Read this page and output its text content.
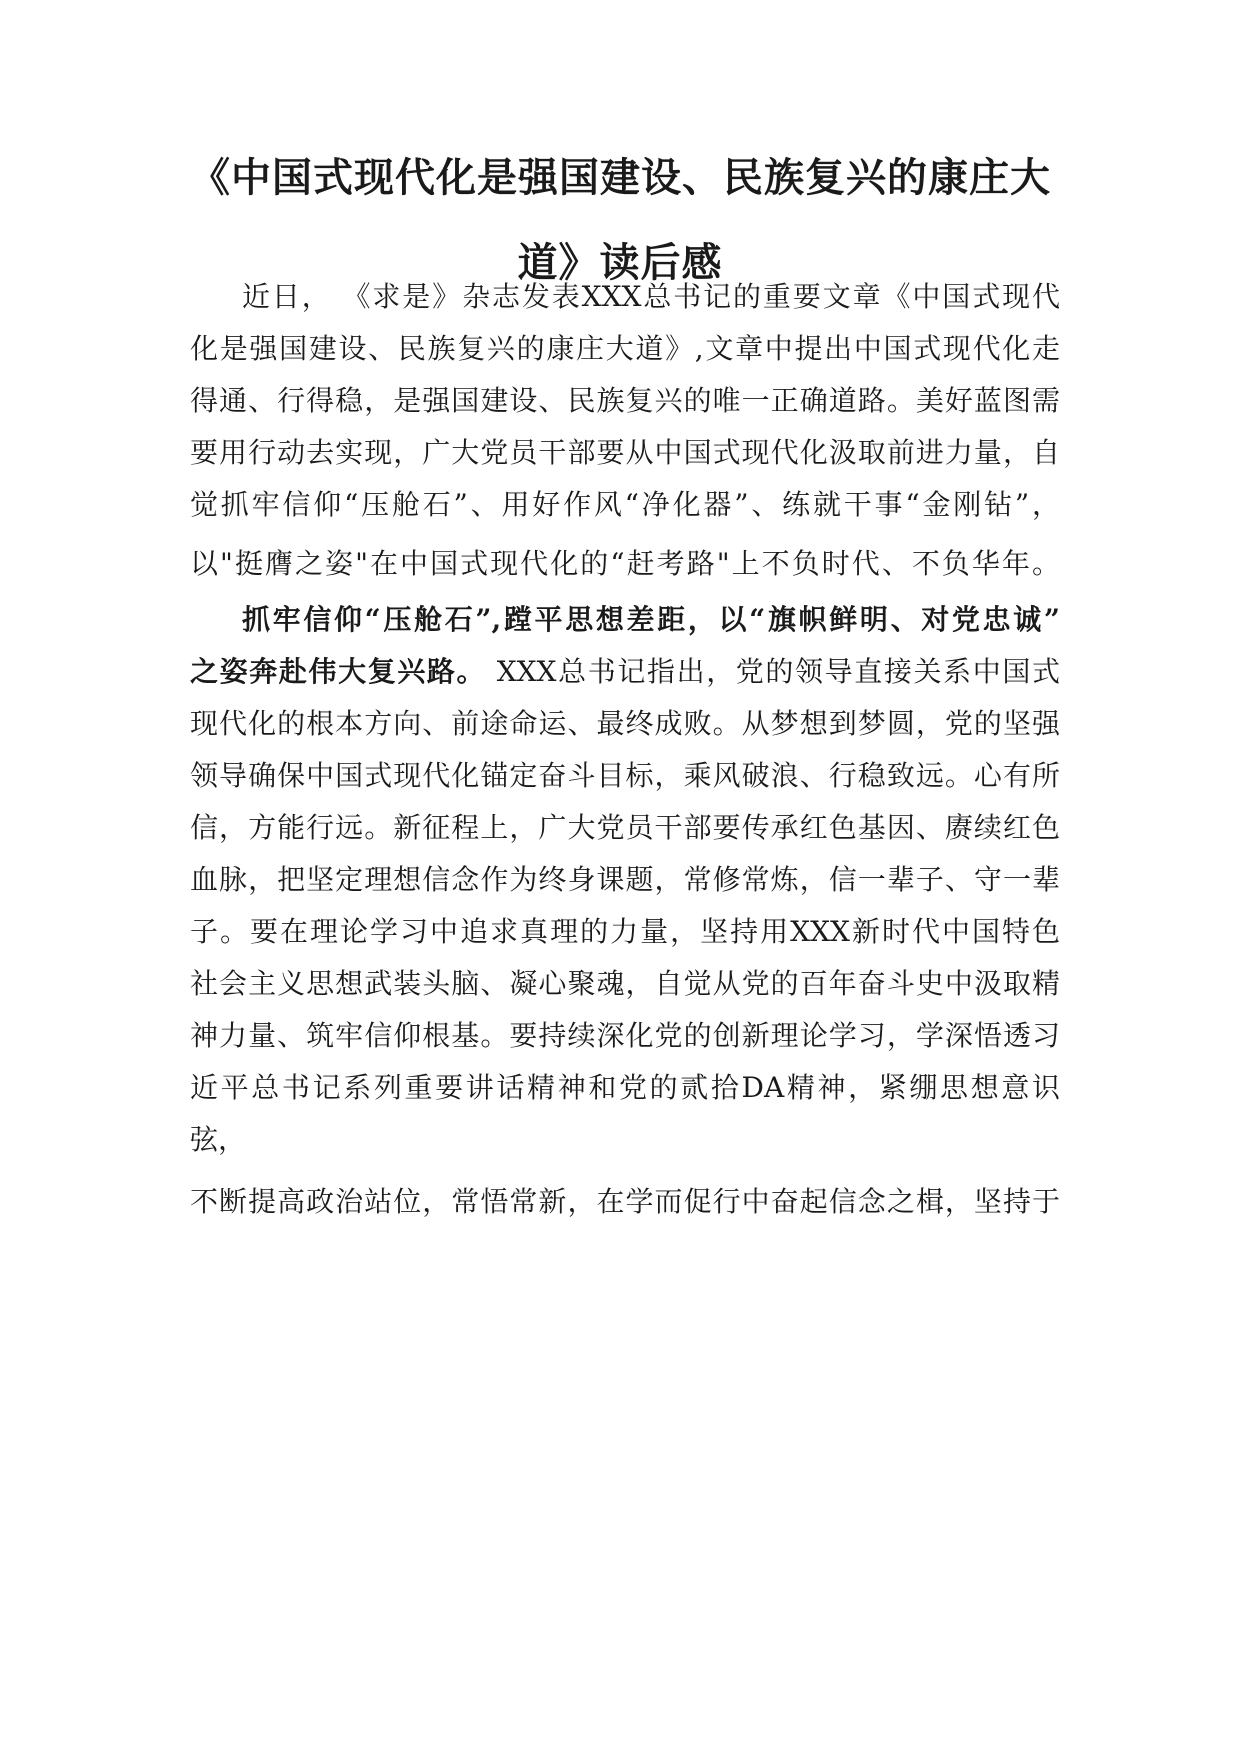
《中国式现代化是强国建设、民族复兴的康庄大
道》读后感

近日， 《求是》杂志发表XXX总书记的重要文章《中国式现代

化是强国建设、民族复兴的康庄大道》,文章中提出中国式现代化走

得通、行得稳，是强国建设、民族复兴的唯一正确道路。美好蓝图需

要用行动去实现，广大党员干部要从中国式现代化汲取前进力量，自

觉抓牢信仰“压舱石”、用好作风“净化器”、练就干事“金刚钻”，

以"挺膺之姿"在中国式现代化的“赶考路"上不负时代、不负华年。

抓牢信仰“压舱石”,蹚平思想差距，以“旗帜鲜明、对党忠诚”

之姿奔赴伟大复兴路。 XXX总书记指出，党的领导直接关系中国式

现代化的根本方向、前途命运、最终成败。从梦想到梦圆，党的坚强

领导确保中国式现代化锚定奋斗目标，乘风破浪、行稳致远。心有所

信，方能行远。新征程上，广大党员干部要传承红色基因、赓续红色

血脉，把坚定理想信念作为终身课题，常修常炼，信一辈子、守一辈

子。要在理论学习中追求真理的力量，坚持用XXX新时代中国特色

社会主义思想武装头脑、凝心聚魂，自觉从党的百年奋斗史中汲取精

神力量、筑牢信仰根基。要持续深化党的创新理论学习，学深悟透习

近平总书记系列重要讲话精神和党的贰拾DA精神，紧绷思想意识

弦，

不断提高政治站位，常悟常新，在学而促行中奋起信念之楫，坚持于
